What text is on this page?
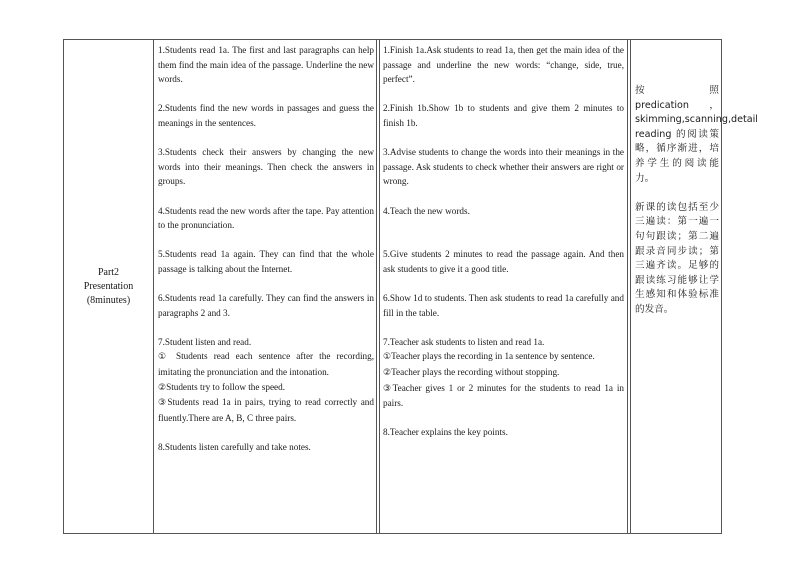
Part2
Presentation
(8minutes)

1.Students read 1a. The first and last paragraphs can help them find the main idea of the passage. Underline the new words.

2.Students find the new words in passages and guess the meanings in the sentences.

3.Students check their answers by changing the new words into their meanings. Then check the answers in groups.

4.Students read the new words after the tape. Pay attention to the pronunciation.

5.Students read 1a again. They can find that the whole passage is talking about the Internet.

6.Students read 1a carefully. They can find the answers in paragraphs 2 and 3.

7.Student listen and read.

① Students read each sentence after the recording, imitating the pronunciation and the intonation.

②Students try to follow the speed.

③Students read 1a in pairs, trying to read correctly and fluently.There are A, B, C three pairs.

8.Students listen carefully and take notes.

1.Finish 1a.Ask students to read 1a, then get the main idea of the passage and underline the new words: “change, side, true, perfect”.

2.Finish 1b.Show 1b to students and give them 2 minutes to finish 1b.

3.Advise students to change the words into their meanings in the passage. Ask students to check whether their answers are right or wrong.

4.Teach the new words.

5.Give students 2 minutes to read the passage again. And then ask students to give it a good title.

6.Show 1d to students. Then ask students to read 1a carefully and fill in the table.

7.Teacher ask students to listen and read 1a.

①Teacher plays the recording in 1a sentence by sentence.

②Teacher plays the recording without stopping.

③Teacher gives 1 or 2 minutes for the students to read 1a in pairs.

8.Teacher explains the key points.

按照 predication，skimming,scanning,detail reading 的阅读策略，循序渐进，培养学生的阅读能力。

新课的读包括至少三遍读：第一遍一句句跟读；第二遍跟录音同步读；第三遍齐读。足够的跟读练习能够让学生感知和体验标准的发音。
